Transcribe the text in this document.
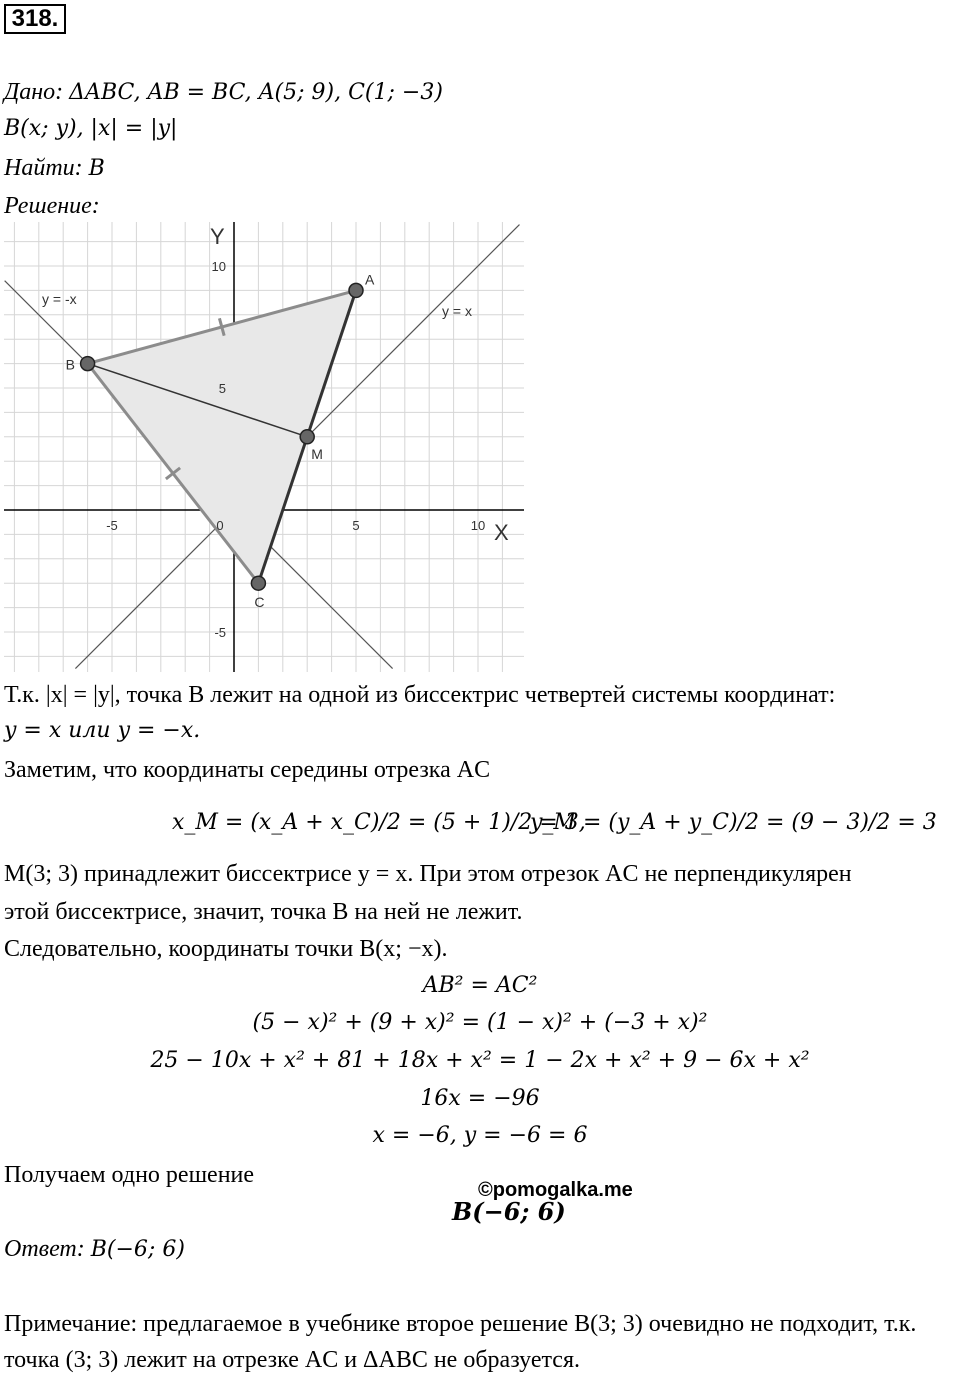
318.
Дано: ΔABC, AB = BC, A(5; 9), C(1; −3)
B(x; y), |x| = |y|
Найти: B
Решение:
Y
X
-5	0	5	10
10
5
-5
y = -x
y = x
A
B
C
M
Т.к. |x| = |y|, точка B лежит на одной из биссектрис четвертей системы координат:
y = x или y = −x.
Заметим, что координаты середины отрезка AC
x_M = (x_A + x_C)/2 = (5 + 1)/2 = 3,
y_M = (y_A + y_C)/2 = (9 − 3)/2 = 3
M(3; 3) принадлежит биссектрисе y = x. При этом отрезок AC не перпендикулярен
этой биссектрисе, значит, точка B на ней не лежит.
Следовательно, координаты точки B(x; −x).
AB² = AC²
(5 − x)² + (9 + x)² = (1 − x)² + (−3 + x)²
25 − 10x + x² + 81 + 18x + x² = 1 − 2x + x² + 9 − 6x + x²
16x = −96
x = −6, y = −6 = 6
Получаем одно решение
©pomogalka.me
B(−6; 6)
Ответ: B(−6; 6)
Примечание: предлагаемое в учебнике второе решение B(3; 3) очевидно не подходит, т.к.
точка (3; 3) лежит на отрезке AC и ΔABC не образуется.
